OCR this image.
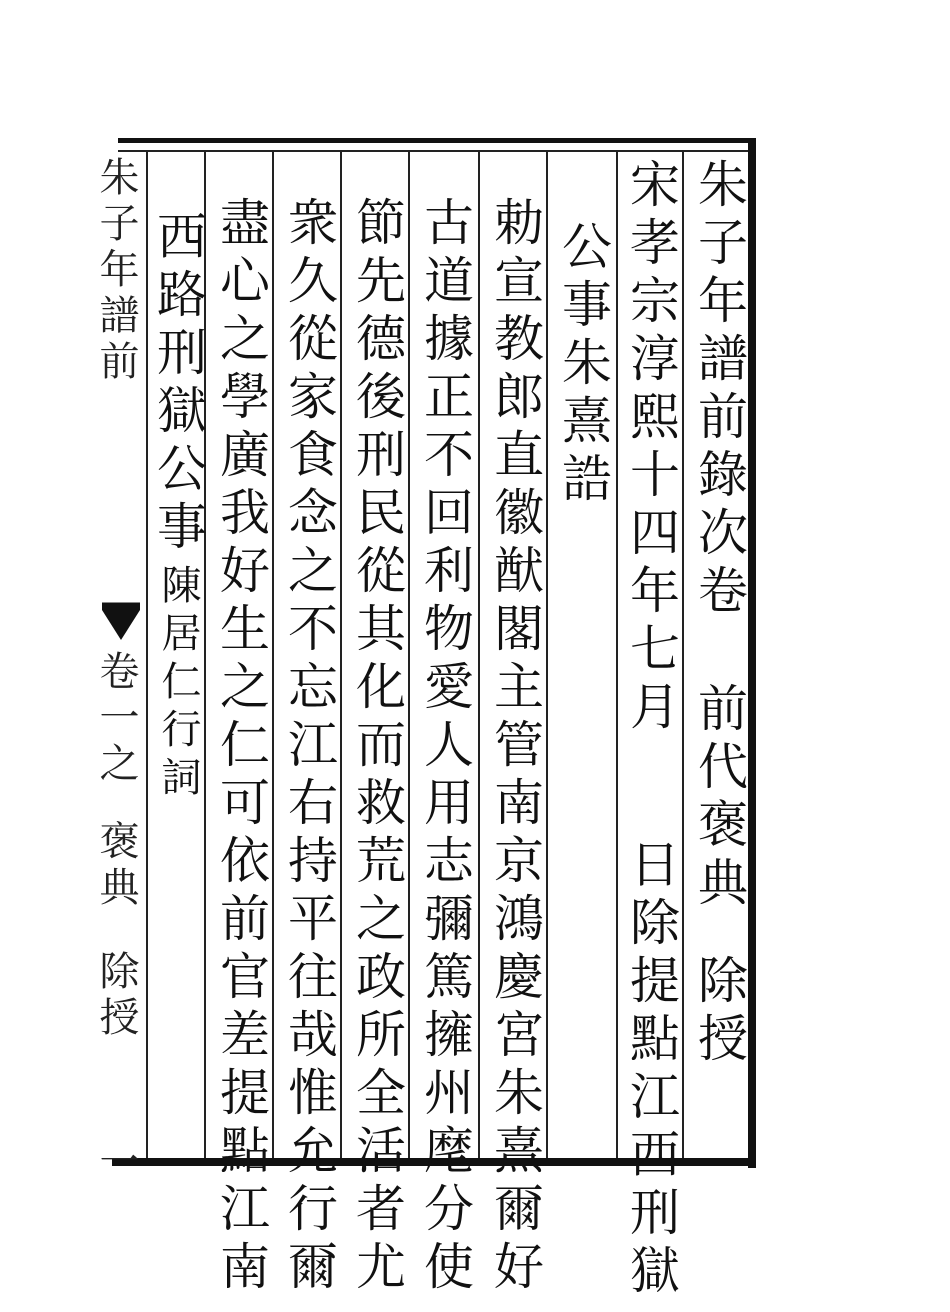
朱子年譜前錄次卷
前代褒典
除授
宋孝宗淳熙十四年七月
日除提點江西刑獄
公事朱熹誥
勅宣教郎直徽猷閣主管南京鴻慶宮朱熹爾好
古道據正不回利物愛人用志彌篤擁州麾分使
節先德後刑民從其化而救荒之政所全活者尤
衆久從家食念之不忘江右持平往哉惟允行爾
盡心之學廣我好生之仁可依前官差提點江南
西路刑獄公事
陳居仁行詞
朱子年譜前
卷一之
褒典
除授
一
